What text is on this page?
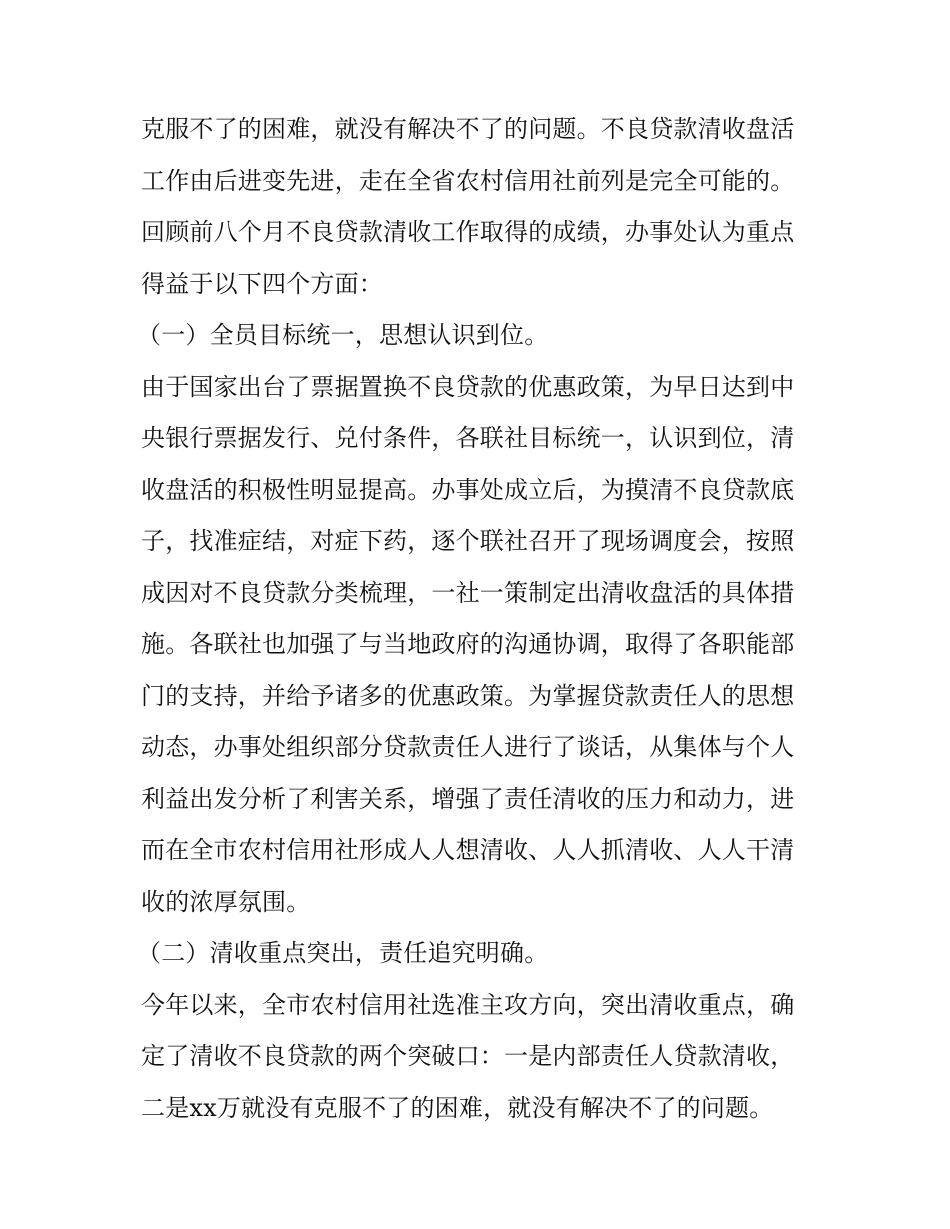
克服不了的困难，就没有解决不了的问题。不良贷款清收盘活
工作由后进变先进，走在全省农村信用社前列是完全可能的。
回顾前八个月不良贷款清收工作取得的成绩，办事处认为重点
得益于以下四个方面：
（一）全员目标统一，思想认识到位。
由于国家出台了票据置换不良贷款的优惠政策，为早日达到中
央银行票据发行、兑付条件，各联社目标统一，认识到位，清
收盘活的积极性明显提高。办事处成立后，为摸清不良贷款底
子，找准症结，对症下药，逐个联社召开了现场调度会，按照
成因对不良贷款分类梳理，一社一策制定出清收盘活的具体措
施。各联社也加强了与当地政府的沟通协调，取得了各职能部
门的支持，并给予诸多的优惠政策。为掌握贷款责任人的思想
动态，办事处组织部分贷款责任人进行了谈话，从集体与个人
利益出发分析了利害关系，增强了责任清收的压力和动力，进
而在全市农村信用社形成人人想清收、人人抓清收、人人干清
收的浓厚氛围。
（二）清收重点突出，责任追究明确。
今年以来，全市农村信用社选准主攻方向，突出清收重点，确
定了清收不良贷款的两个突破口：一是内部责任人贷款清收，
二是xx万就没有克服不了的困难，就没有解决不了的问题。
